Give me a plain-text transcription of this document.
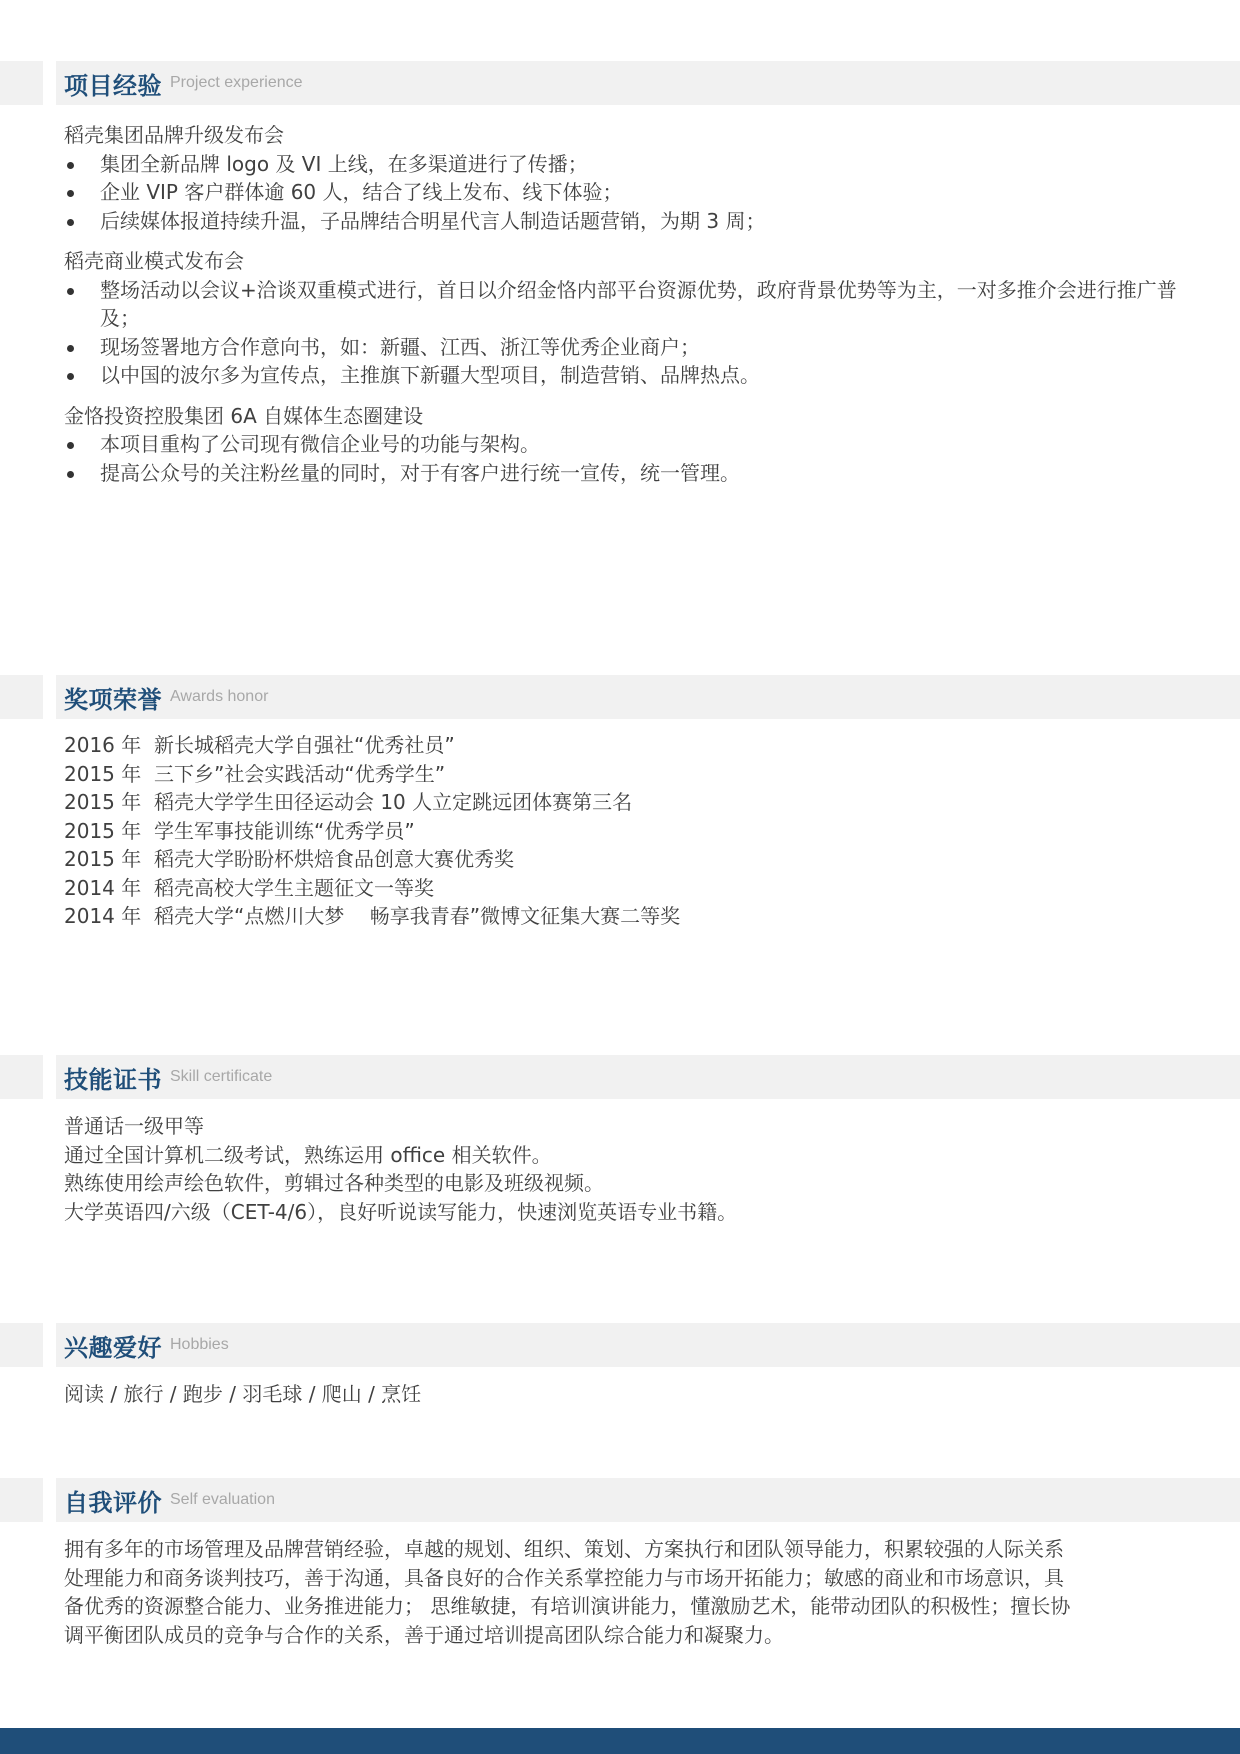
项目经验 Project experience

稻壳集团品牌升级发布会

集团全新品牌 logo 及 VI 上线，在多渠道进行了传播；
企业 VIP 客户群体逾 60 人，结合了线上发布、线下体验；
后续媒体报道持续升温，子品牌结合明星代言人制造话题营销，为期 3 周；

稻壳商业模式发布会

整场活动以会议+洽谈双重模式进行，首日以介绍金恪内部平台资源优势，政府背景优势等为主，一对多推介会进行推广普及；
现场签署地方合作意向书，如：新疆、江西、浙江等优秀企业商户；
以中国的波尔多为宣传点，主推旗下新疆大型项目，制造营销、品牌热点。

金恪投资控股集团 6A 自媒体生态圈建设

本项目重构了公司现有微信企业号的功能与架构。
提高公众号的关注粉丝量的同时，对于有客户进行统一宣传，统一管理。
奖项荣誉 Awards honor

2016 年  新长城稻壳大学自强社“优秀社员”

2015 年  三下乡”社会实践活动“优秀学生”

2015 年  稻壳大学学生田径运动会 10 人立定跳远团体赛第三名

2015 年  学生军事技能训练“优秀学员”

2015 年  稻壳大学盼盼杯烘焙食品创意大赛优秀奖

2014 年  稻壳高校大学生主题征文一等奖

2014 年  稻壳大学“点燃川大梦    畅享我青春”微博文征集大赛二等奖

技能证书 Skill certificate

普通话一级甲等

通过全国计算机二级考试，熟练运用 office 相关软件。

熟练使用绘声绘色软件，剪辑过各种类型的电影及班级视频。

大学英语四/六级（CET-4/6），良好听说读写能力，快速浏览英语专业书籍。

兴趣爱好 Hobbies

阅读 / 旅行 / 跑步 / 羽毛球 / 爬山 / 烹饪

自我评价 Self evaluation

拥有多年的市场管理及品牌营销经验，卓越的规划、组织、策划、方案执行和团队领导能力，积累较强的人际关系

处理能力和商务谈判技巧，善于沟通，具备良好的合作关系掌控能力与市场开拓能力；敏感的商业和市场意识，具

备优秀的资源整合能力、业务推进能力； 思维敏捷，有培训演讲能力，懂激励艺术，能带动团队的积极性；擅长协

调平衡团队成员的竞争与合作的关系，善于通过培训提高团队综合能力和凝聚力。
